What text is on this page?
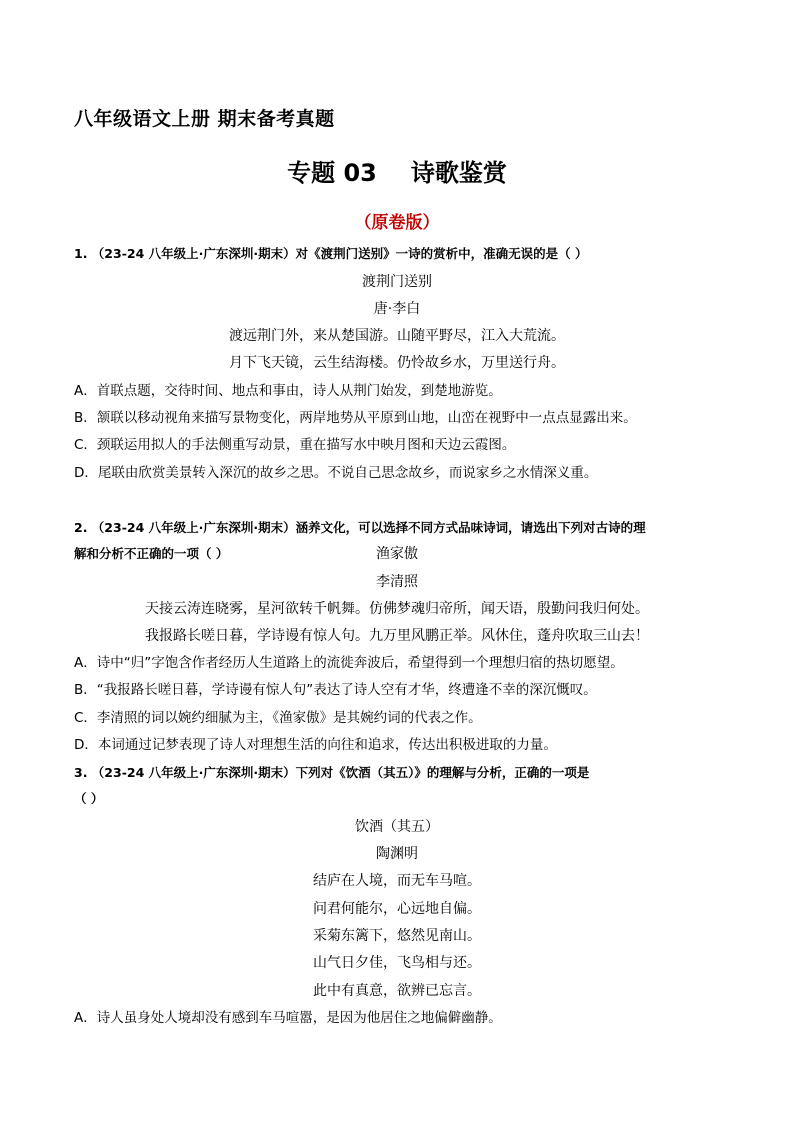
八年级语文上册 期末备考真题
专题 03 诗歌鉴赏
（原卷版）
1. （23-24 八年级上·广东深圳·期末）对《渡荆门送别》一诗的赏析中，准确无误的是（ ）
渡荆门送别
唐·李白
渡远荆门外，来从楚国游。山随平野尽，江入大荒流。
月下飞天镜，云生结海楼。仍怜故乡水，万里送行舟。
A．首联点题，交待时间、地点和事由，诗人从荆门始发，到楚地游览。
B．颔联以移动视角来描写景物变化，两岸地势从平原到山地，山峦在视野中一点点显露出来。
C．颈联运用拟人的手法侧重写动景，重在描写水中映月图和天边云霞图。
D．尾联由欣赏美景转入深沉的故乡之思。不说自己思念故乡，而说家乡之水情深义重。
2. （23-24 八年级上·广东深圳·期末）涵养文化，可以选择不同方式品味诗词，请选出下列对古诗的理

解和分析不正确的一项（ ）	渔家傲
李清照
天接云涛连晓雾，星河欲转千帆舞。仿佛梦魂归帝所，闻天语，殷勤问我归何处。
我报路长嗟日暮，学诗谩有惊人句。九万里风鹏正举。风休住，蓬舟吹取三山去！
A．诗中“归”字饱含作者经历人生道路上的流徙奔波后，希望得到一个理想归宿的热切愿望。
B．“我报路长嗟日暮，学诗谩有惊人句”表达了诗人空有才华，终遭逢不幸的深沉慨叹。
C．李清照的词以婉约细腻为主，《渔家傲》是其婉约词的代表之作。
D．本词通过记梦表现了诗人对理想生活的向往和追求，传达出积极进取的力量。
3. （23-24 八年级上·广东深圳·期末）下列对《饮酒（其五）》的理解与分析，正确的一项是
（ ）
饮酒（其五）
陶渊明
结庐在人境，而无车马喧。
问君何能尔，心远地自偏。
采菊东篱下，悠然见南山。
山气日夕佳，飞鸟相与还。
此中有真意，欲辨已忘言。
A．诗人虽身处人境却没有感到车马喧嚣，是因为他居住之地偏僻幽静。
